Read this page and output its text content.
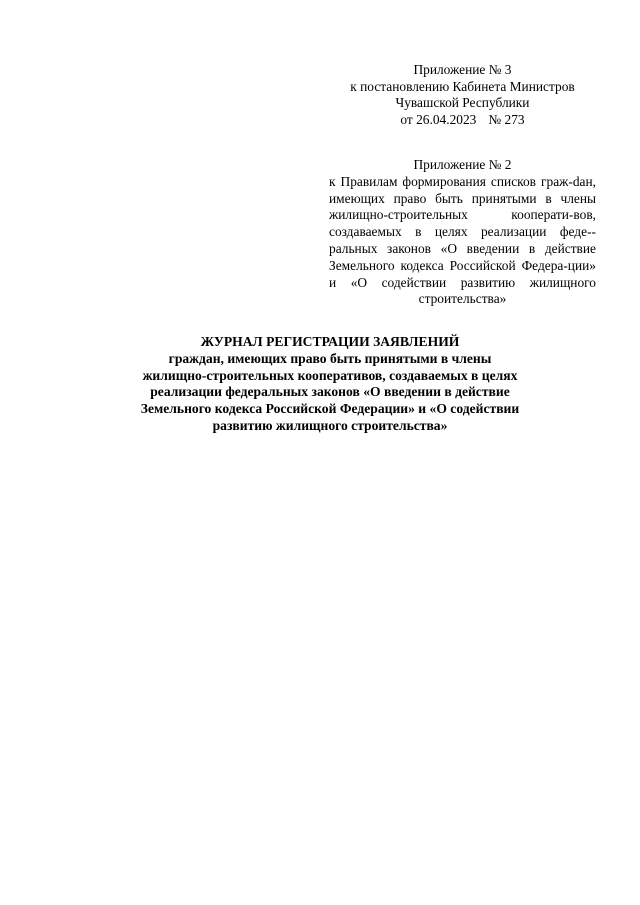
Приложение № 3
к постановлению Кабинета Министров
Чувашской Республики
от 26.04.2023 № 273
Приложение № 2
к Правилам формирования списков граж-dан, имеющих право быть принятыми в члены жилищно-строительных кооперати-вов, создаваемых в целях реализации феде-ральных законов «О введении в действие Земельного кодекса Российской Федера-ции» и «О содействии развитию жилищного строительства»
ЖУРНАЛ РЕГИСТРАЦИИ ЗАЯВЛЕНИЙ
граждан, имеющих право быть принятыми в члены
жилищно-строительных кооперативов, создаваемых в целях
реализации федеральных законов «О введении в действие
Земельного кодекса Российской Федерации» и «О содействии
развитию жилищного строительства»
